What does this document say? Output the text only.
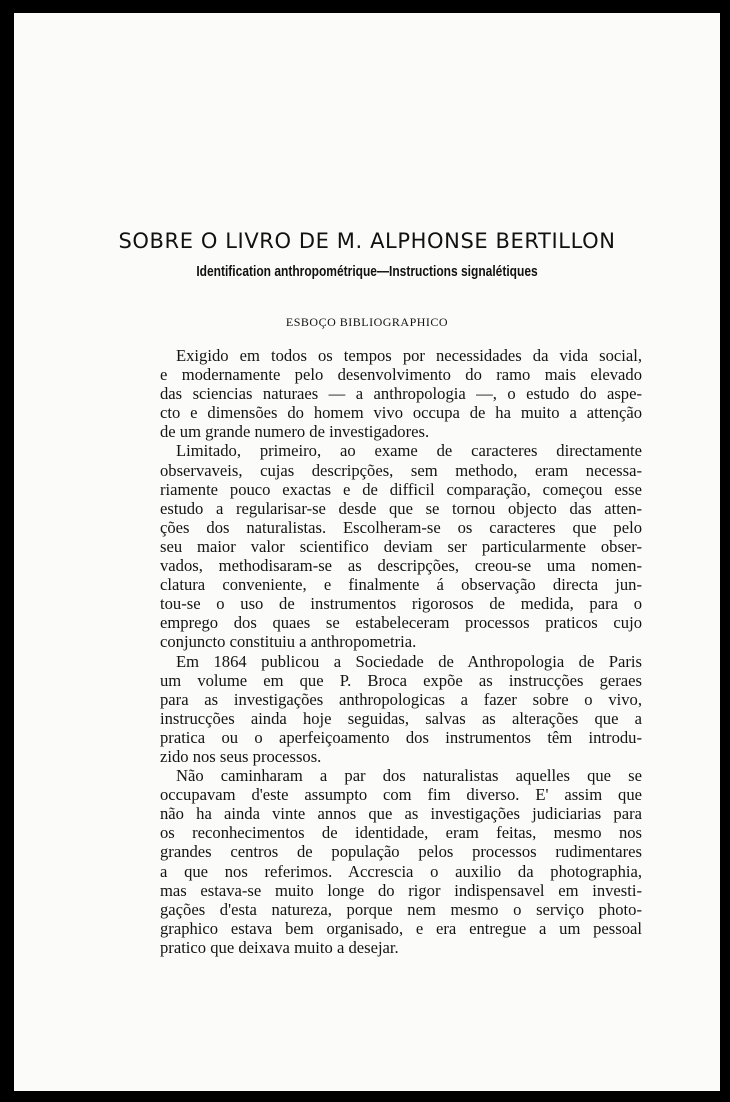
SOBRE O LIVRO DE M. ALPHONSE BERTILLON
Identification anthropométrique—Instructions signalétiques
ESBOÇO BIBLIOGRAPHICO
Exigido em todos os tempos por necessidades da vida social,
e modernamente pelo desenvolvimento do ramo mais elevado
das sciencias naturaes — a anthropologia —, o estudo do aspe-
cto e dimensões do homem vivo occupa de ha muito a attenção
de um grande numero de investigadores.
Limitado, primeiro, ao exame de caracteres directamente
observaveis, cujas descripções, sem methodo, eram necessa-
riamente pouco exactas e de difficil comparação, começou esse
estudo a regularisar-se desde que se tornou objecto das atten-
ções dos naturalistas. Escolheram-se os caracteres que pelo
seu maior valor scientifico deviam ser particularmente obser-
vados, methodisaram-se as descripções, creou-se uma nomen-
clatura conveniente, e finalmente á observação directa jun-
tou-se o uso de instrumentos rigorosos de medida, para o
emprego dos quaes se estabeleceram processos praticos cujo
conjuncto constituiu a anthropometria.
Em 1864 publicou a Sociedade de Anthropologia de Paris
um volume em que P. Broca expõe as instrucções geraes
para as investigações anthropologicas a fazer sobre o vivo,
instrucções ainda hoje seguidas, salvas as alterações que a
pratica ou o aperfeiçoamento dos instrumentos têm introdu-
zido nos seus processos.
Não caminharam a par dos naturalistas aquelles que se
occupavam d'este assumpto com fim diverso. E' assim que
não ha ainda vinte annos que as investigações judiciarias para
os reconhecimentos de identidade, eram feitas, mesmo nos
grandes centros de população pelos processos rudimentares
a que nos referimos. Accrescia o auxilio da photographia,
mas estava-se muito longe do rigor indispensavel em investi-
gações d'esta natureza, porque nem mesmo o serviço photo-
graphico estava bem organisado, e era entregue a um pessoal
pratico que deixava muito a desejar.
